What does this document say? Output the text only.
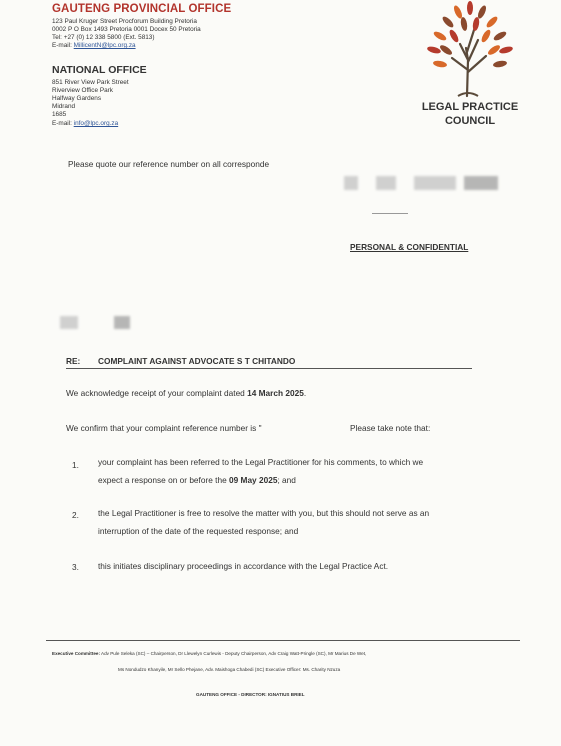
GAUTENG PROVINCIAL OFFICE
123 Paul Kruger Street Procforum Building Pretoria
0002 P O Box 1493 Pretoria 0001 Docex 50 Pretoria
Tel: +27 (0) 12 338 5800 (Ext. 5813)
E-mail: MillicentN@lpc.org.za
NATIONAL OFFICE
851 River View Park Street
Riverview Office Park
Halfway Gardens
Midrand
1685
E-mail: info@lpc.org.za
LEGAL PRACTICE
COUNCIL
Please quote our reference number on all corresponde
PERSONAL & CONFIDENTIAL
RE: COMPLAINT AGAINST ADVOCATE S T CHITANDO
We acknowledge receipt of your complaint dated 14 March 2025.
We confirm that your complaint reference number is "	Please take note that:
1. your complaint has been referred to the Legal Practitioner for his comments, to which we
expect a response on or before the 09 May 2025; and
2. the Legal Practitioner is free to resolve the matter with you, but this should not serve as an
interruption of the date of the requested response; and
3. this initiates disciplinary proceedings in accordance with the Legal Practice Act.
Executive Committee: Adv Pule Seleka (SC) – Chairperson, Dr Llewelyn Curlewis - Deputy Chairperson, Adv Craig Watt-Pringle (SC), Mr Marius De Wet,
Ms Nondudzo Khanyile, Mr Sello Phejane, Adv. Maishoga Chabedi (SC) Executive Officer: Ms. Charity Nzuza
GAUTENG OFFICE - DIRECTOR: IGNATIUS BRIEL
